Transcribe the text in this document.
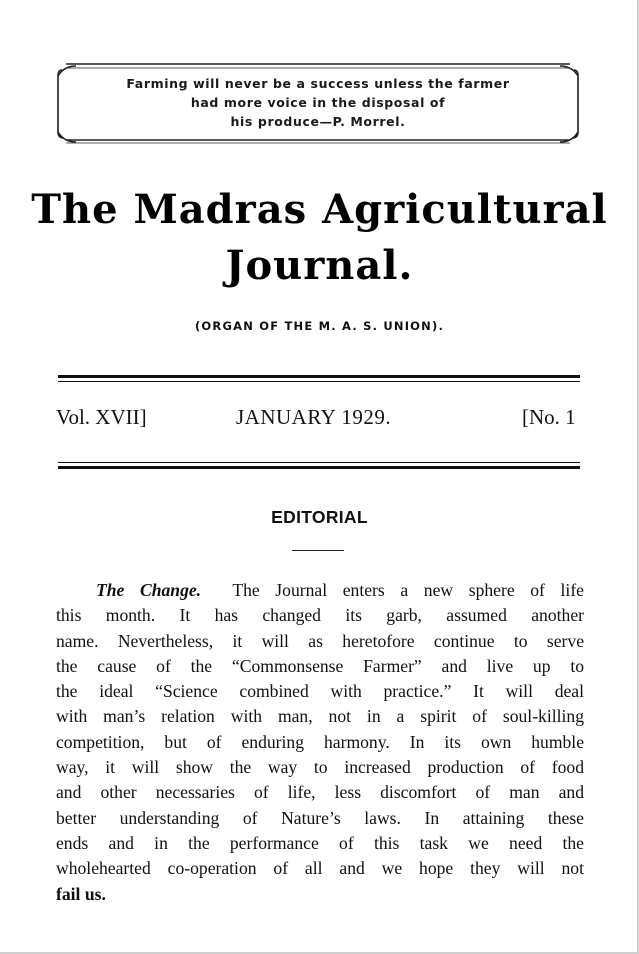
Farming will never be a success unless the farmer
had more voice in the disposal of
his produce—P. Morrel.
The Madras Agricultural
Journal.
(ORGAN OF THE M. A. S. UNION).
Vol. XVII]	JANUARY 1929.	[No. 1
EDITORIAL
The Change. The Journal enters a new sphere of life
this month. It has changed its garb, assumed another
name. Nevertheless, it will as heretofore continue to serve
the cause of the “Commonsense Farmer” and live up to
the ideal “Science combined with practice.” It will deal
with man’s relation with man, not in a spirit of soul-killing
competition, but of enduring harmony. In its own humble
way, it will show the way to increased production of food
and other necessaries of life, less discomfort of man and
better understanding of Nature’s laws. In attaining these
ends and in the performance of this task we need the
wholehearted co-operation of all and we hope they will not
fail us.
